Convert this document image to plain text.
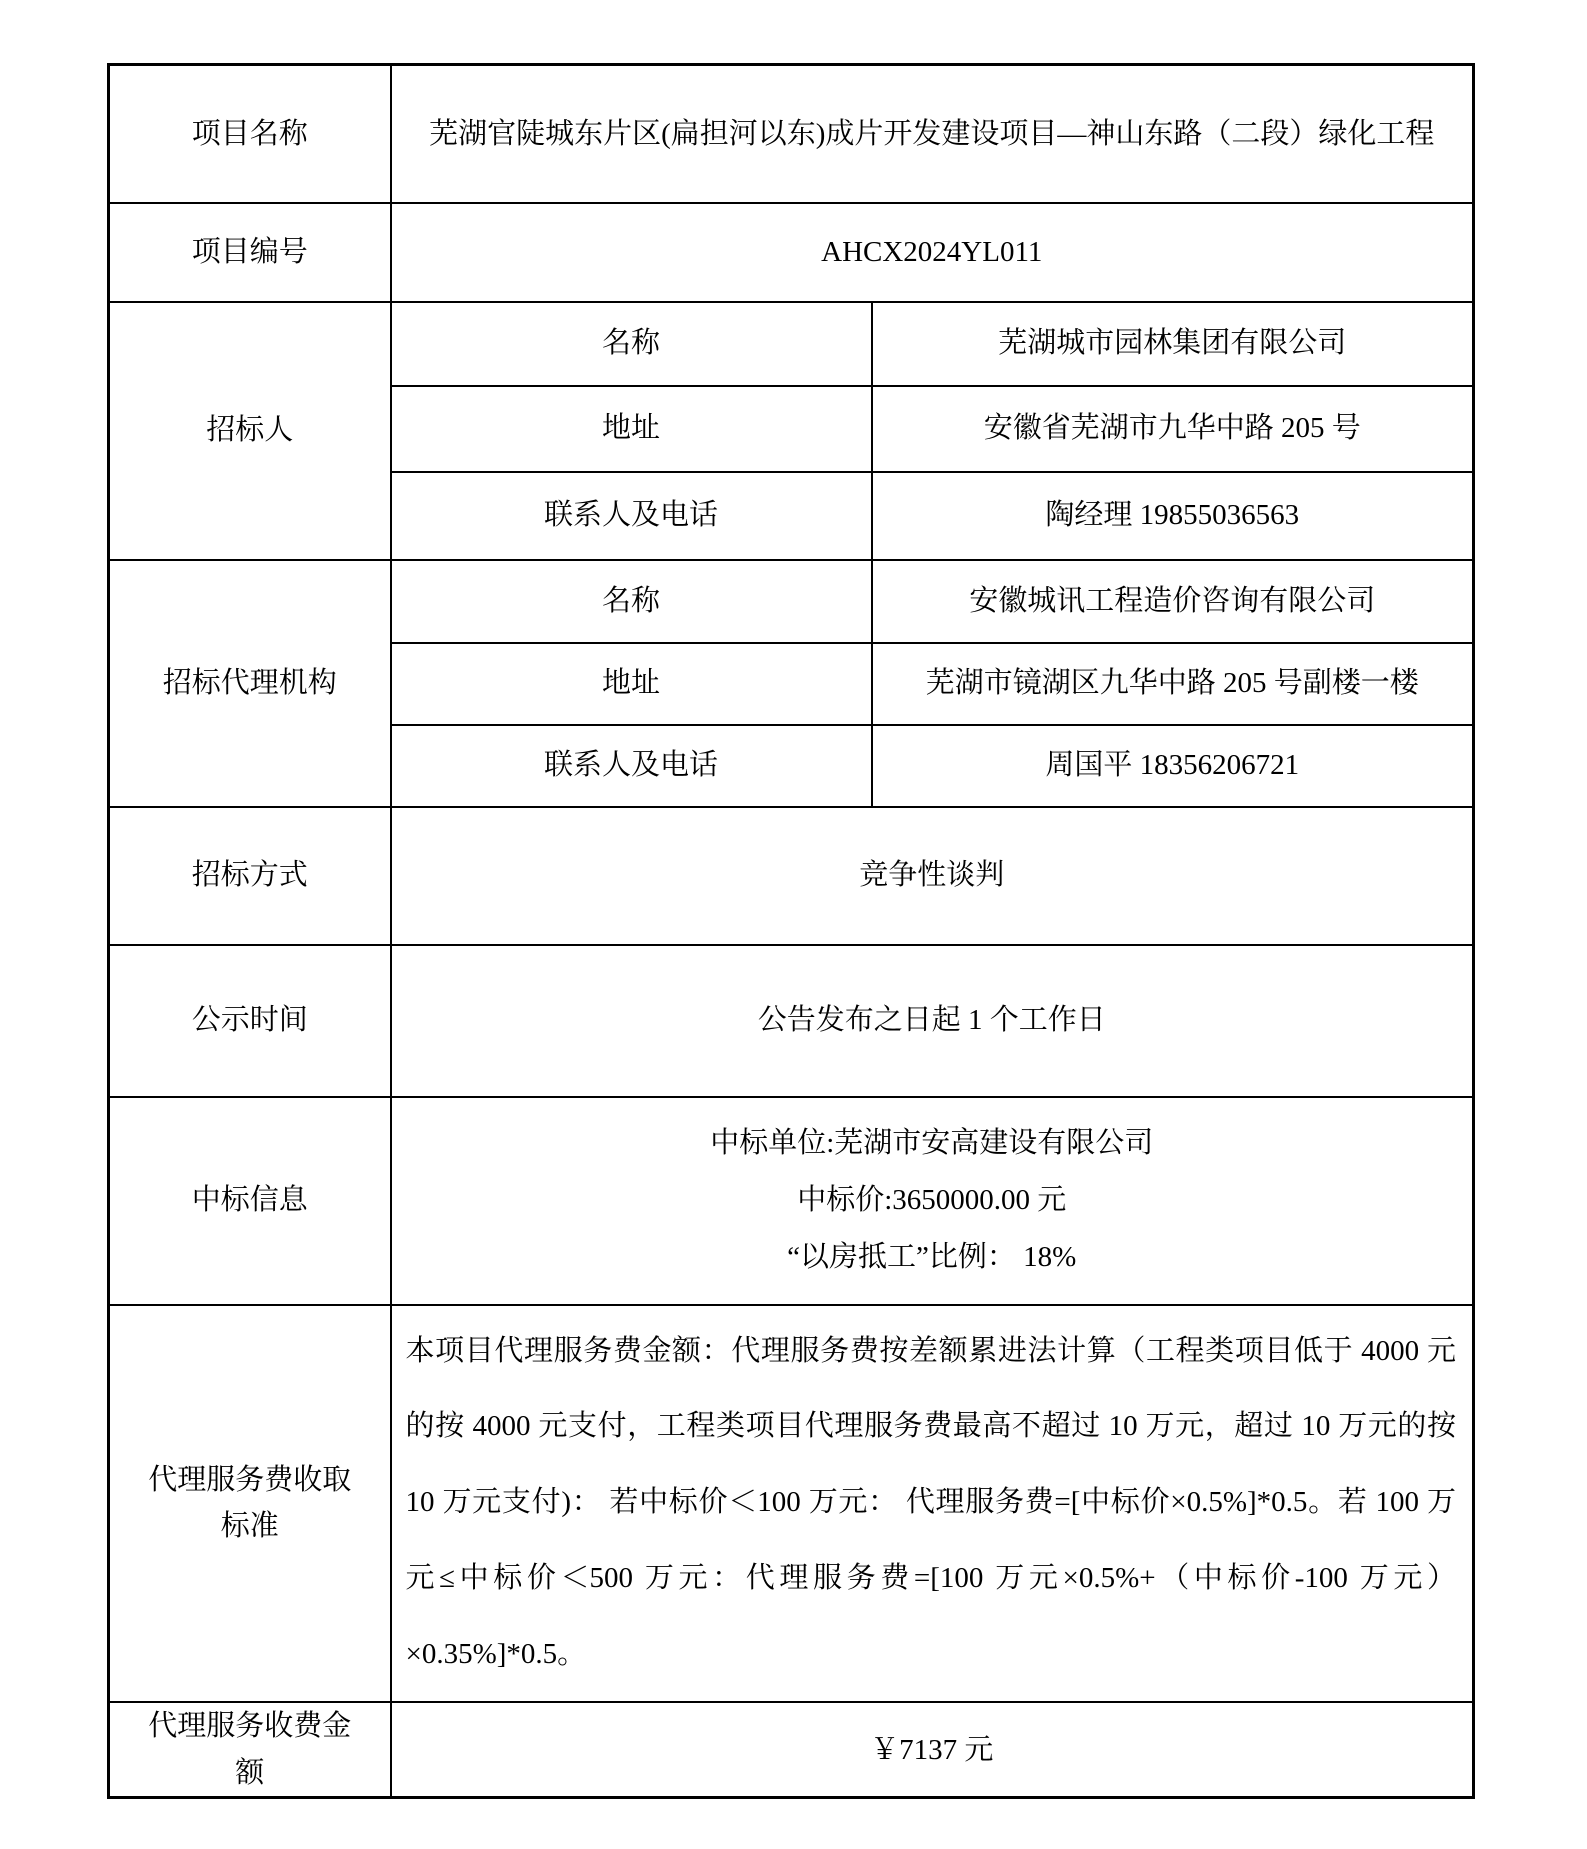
项目名称	芜湖官陡城东片区(扁担河以东)成片开发建设项目—神山东路（二段）绿化工程	
项目编号	AHCX2024YL011	
招标人	名称	芜湖城市园林集团有限公司
	地址	安徽省芜湖市九华中路 205 号
	联系人及电话	陶经理 19855036563
招标代理机构	名称	安徽城讯工程造价咨询有限公司
	地址	芜湖市镜湖区九华中路 205 号副楼一楼
	联系人及电话	周国平 18356206721
招标方式	竞争性谈判	
公示时间	公告发布之日起 1 个工作日	
中标信息	中标单位:芜湖市安高建设有限公司
中标价:3650000.00 元
“以房抵工”比例： 18%	

代理服务费收取标准	本项目代理服务费金额：代理服务费按差额累进法计算（工程类项目低于 4000 元的按 4000 元支付，工程类项目代理服务费最高不超过 10 万元，超过 10 万元的按 10 万元支付)： 若中标价＜100 万元： 代理服务费=[中标价×0.5%]*0.5。若 100 万元≤中标价＜500 万元：代理服务费=[100 万元×0.5%+（中标价-100 万元）×0.35%]*0.5。	
代理服务收费金额	￥7137 元	
